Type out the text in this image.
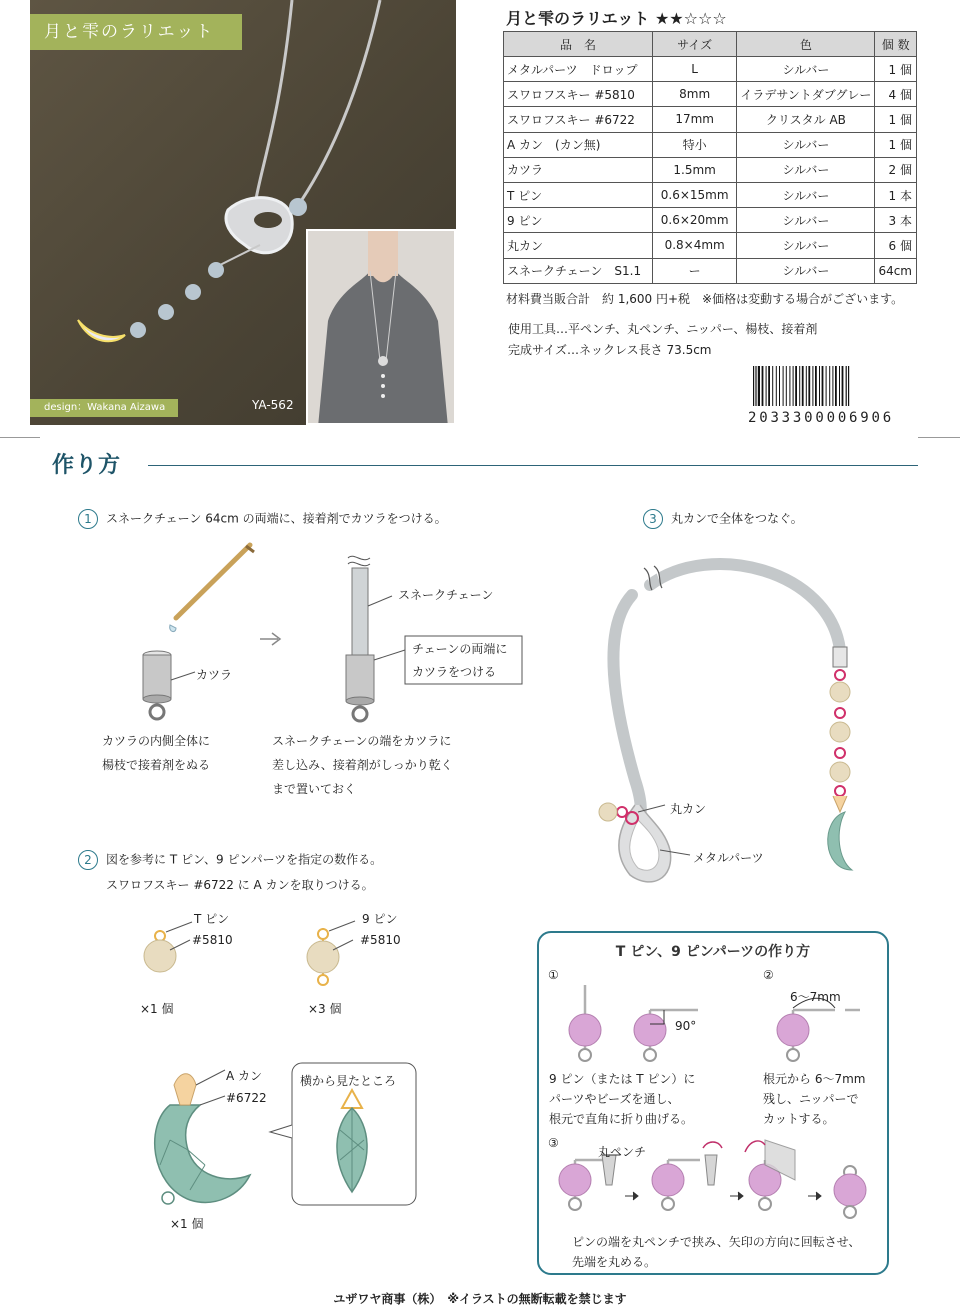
月と雫のラリエット
design：Wakana Aizawa	YA-562
月と雫のラリエット ★★☆☆☆
品　名	サイズ	色	個 数
メタルパーツ　ドロップ	L	シルバー	1 個
スワロフスキー #5810	8mm	イラデサントダブグレー	4 個
スワロフスキー #6722	17mm	クリスタル AB	1 個
A カン　(カン無)	特小	シルバー	1 個
カツラ	1.5mm	シルバー	2 個
T ピン	0.6×15mm	シルバー	1 本
9 ピン	0.6×20mm	シルバー	3 本
丸カン	0.8×4mm	シルバー	6 個
スネークチェーン　S1.1	ー	シルバー	64cm
材料費当販合計　約 1,600 円+税　※価格は変動する場合がございます。
使用工具…平ペンチ、丸ペンチ、ニッパー、楊枝、接着剤
完成サイズ…ネックレス長さ 73.5cm
2033300006906
作り方
1 スネークチェーン 64cm の両端に、接着剤でカツラをつける。
カツラ
スネークチェーン
チェーンの両端に
カツラをつける
カツラの内側全体に
楊枝で接着剤をぬる
スネークチェーンの端をカツラに
差し込み、接着剤がしっかり乾く
まで置いておく
3 丸カンで全体をつなぐ。
丸カン
メタルパーツ
2 図を参考に T ピン、9 ピンパーツを指定の数作る。
スワロフスキー #6722 に A カンを取りつける。
T ピン
#5810
9 ピン
#5810
×1 個	×3 個
A カン
#6722
横から見たところ
×1 個
T ピン、9 ピンパーツの作り方
①	②
③
90°
6〜7mm
9 ピン（または T ピン）に
パーツやビーズを通し、
根元で直角に折り曲げる。
根元から 6〜7mm
残し、ニッパーで
カットする。
丸ペンチ
ピンの端を丸ペンチで挟み、矢印の方向に回転させ、
先端を丸める。
ユザワヤ商事（株）　※イラストの無断転載を禁じます
